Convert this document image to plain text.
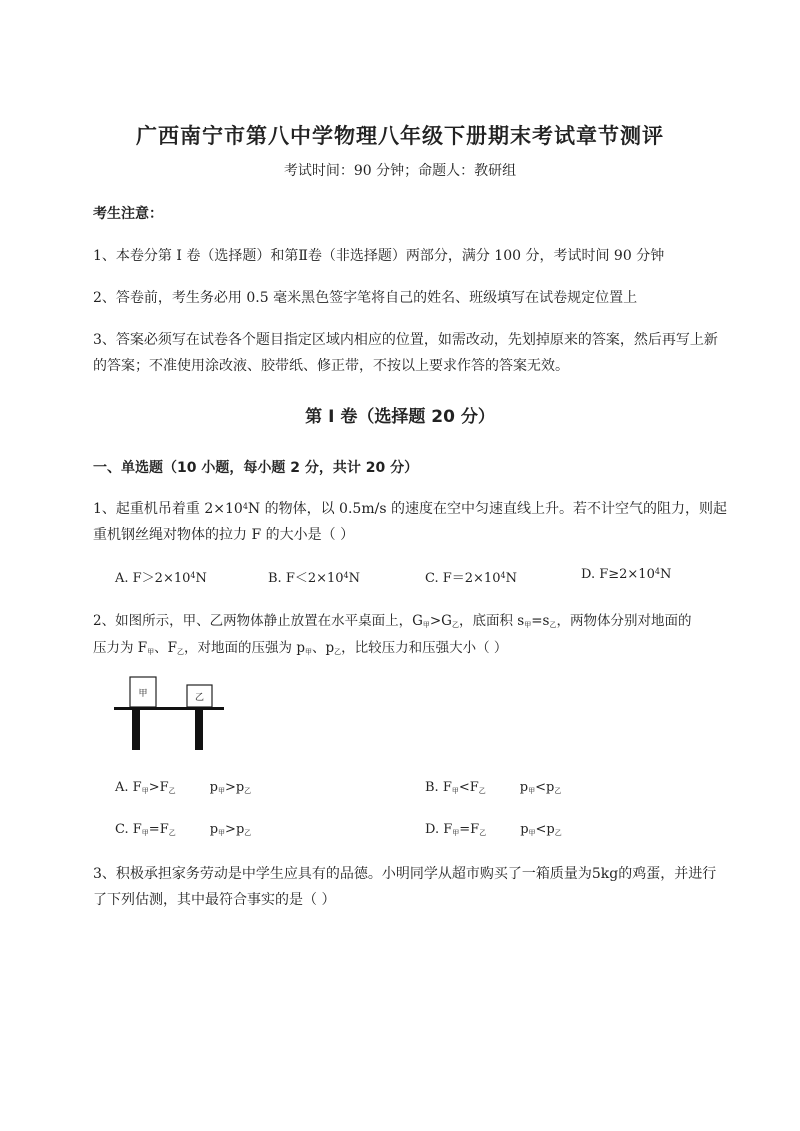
广西南宁市第八中学物理八年级下册期末考试章节测评
考试时间：90 分钟；命题人：教研组
考生注意：
1、本卷分第 I 卷（选择题）和第Ⅱ卷（非选择题）两部分，满分 100 分，考试时间 90 分钟
2、答卷前，考生务必用 0.5 毫米黑色签字笔将自己的姓名、班级填写在试卷规定位置上
3、答案必须写在试卷各个题目指定区域内相应的位置，如需改动，先划掉原来的答案，然后再写上新
的答案；不准使用涂改液、胶带纸、修正带，不按以上要求作答的答案无效。
第 I 卷（选择题 20 分）
一、单选题（10 小题，每小题 2 分，共计 20 分）
1、起重机吊着重 $2\times 10^4N$ 的物体，以 0.5m/s 的速度在空中匀速直线上升。若不计空气的阻力，则起
重机钢丝绳对物体的拉力 F 的大小是（ ）
A. $F>2\times 10^4N$	B. $F<2\times 10^4N$	C. $F=2\times 10^4N$	D. $F\ge 2\times 10^4N$
2、如图所示，甲、乙两物体静止放置在水平桌面上，$G_甲>G_乙$，底面积 $s_甲=s_乙$，两物体分别对地面的
压力为 $F_甲$、$F_乙$，对地面的压强为 $p_甲$、$p_乙$，比较压力和压强大小（ ）
甲	乙
A. $F_甲>F_乙$	$p_甲>p_乙$	B. $F_甲<F_乙$	$p_甲<p_乙$
C. $F_甲=F_乙$	$p_甲>p_乙$	D. $F_甲=F_乙$	$p_甲<p_乙$
3、积极承担家务劳动是中学生应具有的品德。小明同学从超市购买了一箱质量为5kg的鸡蛋，并进行
了下列估测，其中最符合事实的是（ ）
